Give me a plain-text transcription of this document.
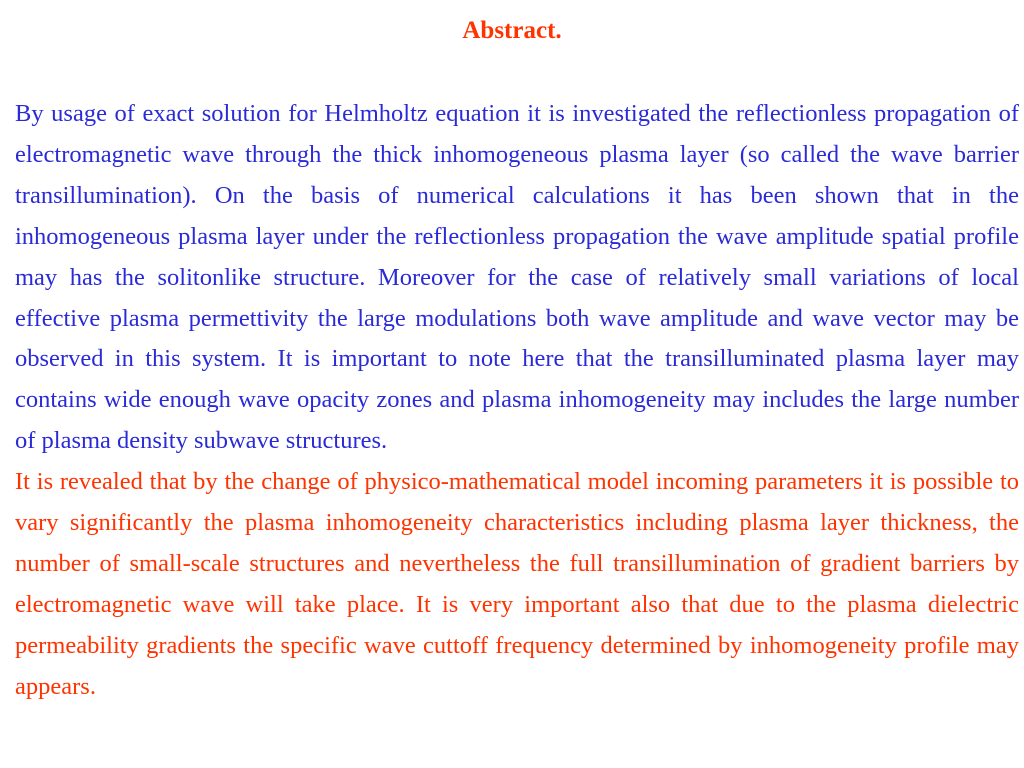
Abstract.

By usage of exact solution for Helmholtz equation it is investigated the reflectionless propagation of electromagnetic wave through the thick inhomogeneous plasma layer (so called the wave barrier transillumination). On the basis of numerical calculations it has been shown that in the inhomogeneous plasma layer under the reflectionless propagation the wave amplitude spatial profile may has the solitonlike structure. Moreover for the case of relatively small variations of local effective plasma permettivity the large modulations both wave amplitude and wave vector may be observed in this system. It is important to note here that the transilluminated plasma layer may contains wide enough wave opacity zones and plasma inhomogeneity may includes the large number of plasma density subwave structures.

It is revealed that by the change of physico-mathematical model incoming parameters it is possible to vary significantly the plasma inhomogeneity characteristics including plasma layer thickness, the number of small-scale structures and nevertheless the full transillumination of gradient barriers by electromagnetic wave will take place. It is very important also that due to the plasma dielectric permeability gradients the specific wave cuttoff frequency determined by inhomogeneity profile may appears.
